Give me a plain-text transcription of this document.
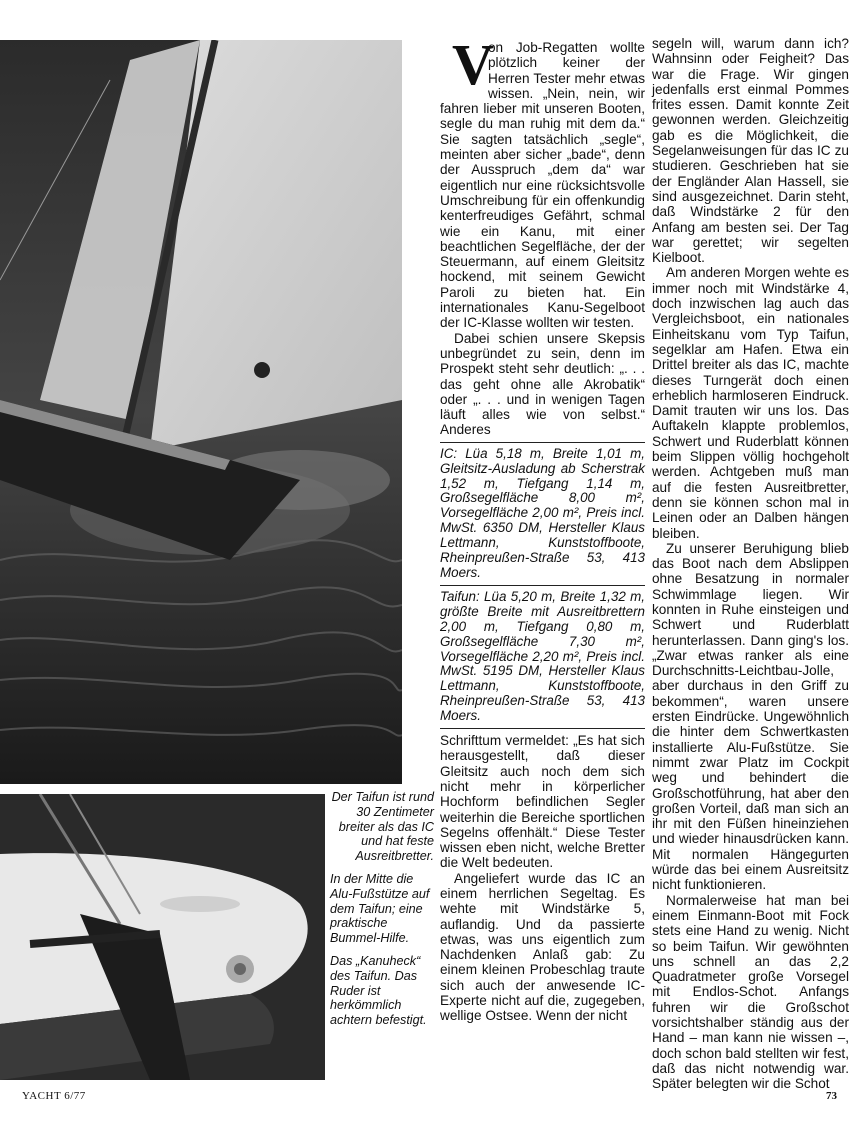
V

on Job-Regatten wollte plötzlich keiner der Herren Tester mehr etwas wissen. „Nein, nein, wir fahren lieber mit unseren Booten, segle du man ruhig mit dem da.“ Sie sagten tatsächlich „segle“, meinten aber sicher „bade“, denn der Ausspruch „dem da“ war eigentlich nur eine rücksichtsvolle Umschreibung für ein offenkundig kenterfreudiges Gefährt, schmal wie ein Kanu, mit einer beachtlichen Segelfläche, der der Steuermann, auf einem Gleitsitz hockend, mit seinem Gewicht Paroli zu bieten hat. Ein internationales Kanu-Segelboot der IC-Klasse wollten wir testen.

Dabei schien unsere Skepsis unbegründet zu sein, denn im Prospekt steht sehr deutlich: „. . . das geht ohne alle Akrobatik“ oder „. . . und in wenigen Tagen läuft alles wie von selbst.“ Anderes

IC: Lüa 5,18 m, Breite 1,01 m, Gleitsitz-Ausladung ab Scherstrak 1,52 m, Tiefgang 1,14 m, Großsegelfläche 8,00 m², Vorsegelfläche 2,00 m², Preis incl. MwSt. 6350 DM, Hersteller Klaus Lettmann, Kunststoffboote, Rheinpreußen-Straße 53, 413 Moers.

Taifun: Lüa 5,20 m, Breite 1,32 m, größte Breite mit Ausreitbrettern 2,00 m, Tiefgang 0,80 m, Großsegelfläche 7,30 m², Vorsegelfläche 2,20 m², Preis incl. MwSt. 5195 DM, Hersteller Klaus Lettmann, Kunststoffboote, Rheinpreußen-Straße 53, 413 Moers.

Schrifttum vermeldet: „Es hat sich herausgestellt, daß dieser Gleitsitz auch noch dem sich nicht mehr in körperlicher Hochform befindlichen Segler weiterhin die Bereiche sportlichen Segelns offenhält.“ Diese Tester wissen eben nicht, welche Bretter die Welt bedeuten.

Angeliefert wurde das IC an einem herrlichen Segeltag. Es wehte mit Windstärke 5, auflandig. Und da passierte etwas, was uns eigentlich zum Nachdenken Anlaß gab: Zu einem kleinen Probeschlag traute sich auch der anwesende IC-Experte nicht auf die, zugegeben, wellige Ostsee. Wenn der nicht

segeln will, warum dann ich? Wahnsinn oder Feigheit? Das war die Frage. Wir gingen jedenfalls erst einmal Pommes frites essen. Damit konnte Zeit gewonnen werden. Gleichzeitig gab es die Möglichkeit, die Segelanweisungen für das IC zu studieren. Geschrieben hat sie der Engländer Alan Hassell, sie sind ausgezeichnet. Darin steht, daß Windstärke 2 für den Anfang am besten sei. Der Tag war gerettet; wir segelten Kielboot.

Am anderen Morgen wehte es immer noch mit Windstärke 4, doch inzwischen lag auch das Vergleichsboot, ein nationales Einheitskanu vom Typ Taifun, segelklar am Hafen. Etwa ein Drittel breiter als das IC, machte dieses Turngerät doch einen erheblich harmloseren Eindruck. Damit trauten wir uns los. Das Auftakeln klappte problemlos, Schwert und Ruderblatt können beim Slippen völlig hochgeholt werden. Achtgeben muß man auf die festen Ausreitbretter, denn sie können schon mal in Leinen oder an Dalben hängen bleiben.

Zu unserer Beruhigung blieb das Boot nach dem Abslippen ohne Besatzung in normaler Schwimmlage liegen. Wir konnten in Ruhe einsteigen und Schwert und Ruderblatt herunterlassen. Dann ging's los. „Zwar etwas ranker als eine Durchschnitts-Leichtbau-Jolle, aber durchaus in den Griff zu bekommen“, waren unsere ersten Eindrücke. Ungewöhnlich die hinter dem Schwertkasten installierte Alu-Fußstütze. Sie nimmt zwar Platz im Cockpit weg und behindert die Großschotführung, hat aber den großen Vorteil, daß man sich an ihr mit den Füßen hineinziehen und wieder hinausdrücken kann. Mit normalen Hängegurten würde das bei einem Ausreitsitz nicht funktionieren.

Normalerweise hat man bei einem Einmann-Boot mit Fock stets eine Hand zu wenig. Nicht so beim Taifun. Wir gewöhnten uns schnell an das 2,2 Quadratmeter große Vorsegel mit Endlos-Schot. Anfangs fuhren wir die Großschot vorsichtshalber ständig aus der Hand – man kann nie wissen –, doch schon bald stellten wir fest, daß das nicht notwendig war. Später belegten wir die Schot

Der Taifun ist rund 30 Zentimeter breiter als das IC und hat feste Ausreitbretter.

In der Mitte die Alu-Fußstütze auf dem Taifun; eine praktische Bummel-Hilfe.

Das „Kanuheck“ des Taifun. Das Ruder ist herkömmlich achtern befestigt.

YACHT 6/77	73
